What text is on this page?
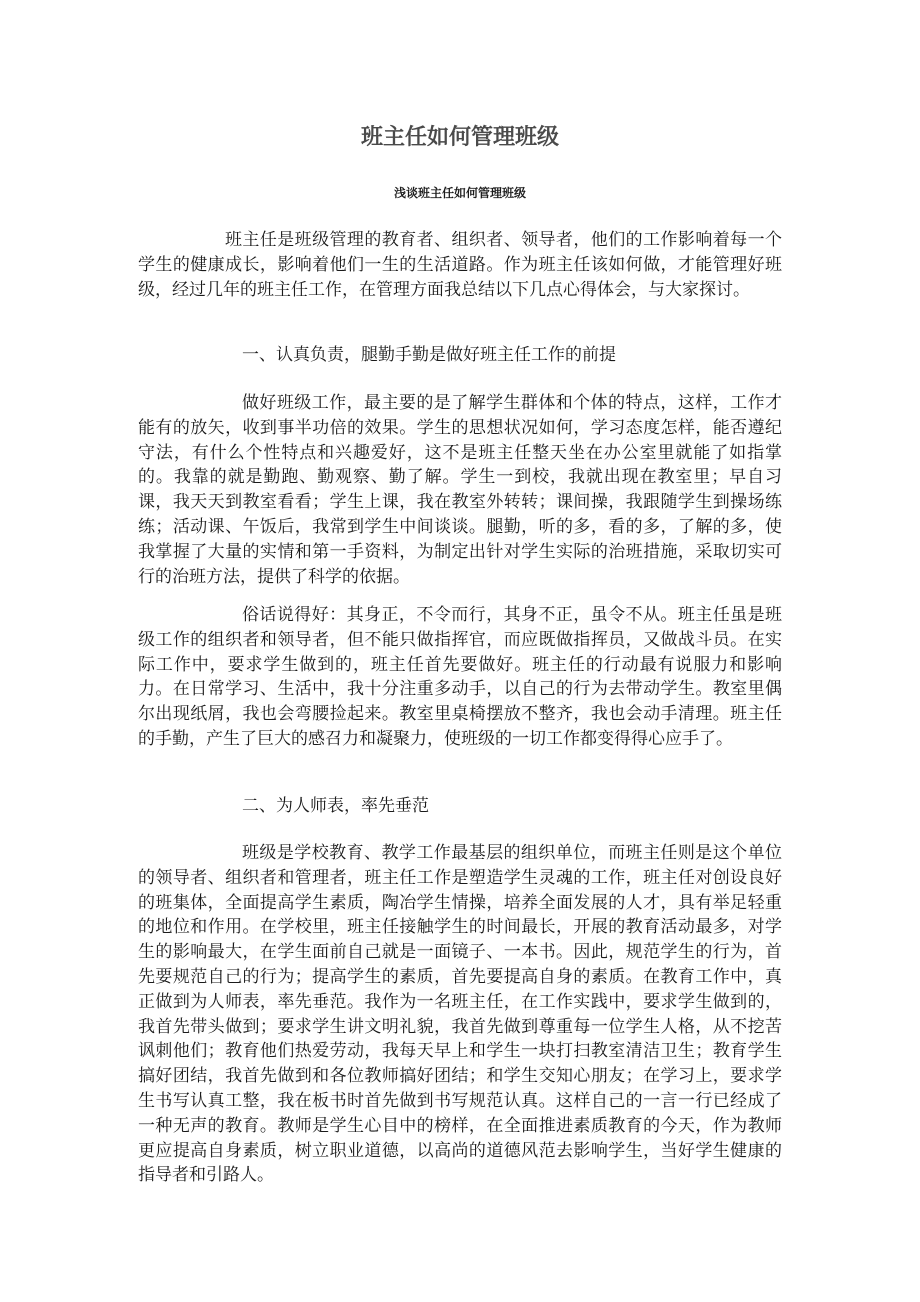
班主任如何管理班级
浅谈班主任如何管理班级

班主任是班级管理的教育者、组织者、领导者，他们的工作影响着每一个学生的健康成长，影响着他们一生的生活道路。作为班主任该如何做，才能管理好班级，经过几年的班主任工作，在管理方面我总结以下几点心得体会，与大家探讨。

一、认真负责，腿勤手勤是做好班主任工作的前提

做好班级工作，最主要的是了解学生群体和个体的特点，这样，工作才能有的放矢，收到事半功倍的效果。学生的思想状况如何，学习态度怎样，能否遵纪守法，有什么个性特点和兴趣爱好，这不是班主任整天坐在办公室里就能了如指掌的。我靠的就是勤跑、勤观察、勤了解。学生一到校，我就出现在教室里；早自习课，我天天到教室看看；学生上课，我在教室外转转；课间操，我跟随学生到操场练练；活动课、午饭后，我常到学生中间谈谈。腿勤，听的多，看的多，了解的多，使我掌握了大量的实情和第一手资料，为制定出针对学生实际的治班措施，采取切实可行的治班方法，提供了科学的依据。

俗话说得好：其身正，不令而行，其身不正，虽令不从。班主任虽是班级工作的组织者和领导者，但不能只做指挥官，而应既做指挥员，又做战斗员。在实际工作中，要求学生做到的，班主任首先要做好。班主任的行动最有说服力和影响力。在日常学习、生活中，我十分注重多动手，以自己的行为去带动学生。教室里偶尔出现纸屑，我也会弯腰捡起来。教室里桌椅摆放不整齐，我也会动手清理。班主任的手勤，产生了巨大的感召力和凝聚力，使班级的一切工作都变得得心应手了。

二、为人师表，率先垂范

班级是学校教育、教学工作最基层的组织单位，而班主任则是这个单位的领导者、组织者和管理者，班主任工作是塑造学生灵魂的工作，班主任对创设良好的班集体，全面提高学生素质，陶冶学生情操，培养全面发展的人才，具有举足轻重的地位和作用。在学校里，班主任接触学生的时间最长，开展的教育活动最多，对学生的影响最大，在学生面前自己就是一面镜子、一本书。因此，规范学生的行为，首先要规范自己的行为；提高学生的素质，首先要提高自身的素质。在教育工作中，真正做到为人师表，率先垂范。我作为一名班主任，在工作实践中，要求学生做到的，我首先带头做到；要求学生讲文明礼貌，我首先做到尊重每一位学生人格，从不挖苦讽刺他们；教育他们热爱劳动，我每天早上和学生一块打扫教室清洁卫生；教育学生搞好团结，我首先做到和各位教师搞好团结；和学生交知心朋友；在学习上，要求学生书写认真工整，我在板书时首先做到书写规范认真。这样自己的一言一行已经成了一种无声的教育。教师是学生心目中的榜样，在全面推进素质教育的今天，作为教师更应提高自身素质，树立职业道德，以高尚的道德风范去影响学生，当好学生健康的指导者和引路人。
